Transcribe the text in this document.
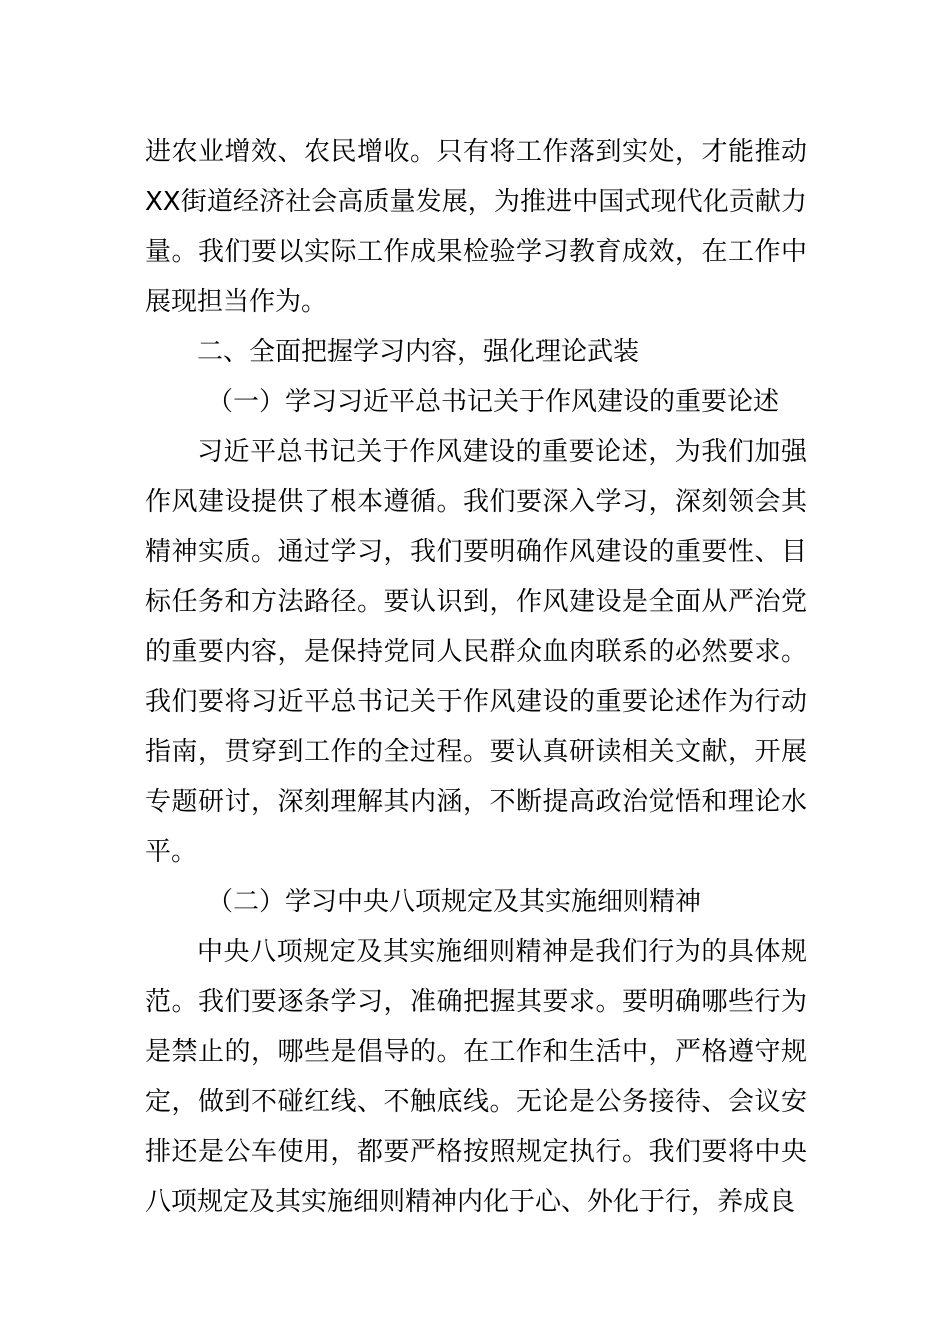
进农业增效、农民增收。只有将工作落到实处，才能推动XX街道经济社会高质量发展，为推进中国式现代化贡献力量。我们要以实际工作成果检验学习教育成效，在工作中展现担当作为。

二、全面把握学习内容，强化理论武装

（一）学习习近平总书记关于作风建设的重要论述

习近平总书记关于作风建设的重要论述，为我们加强作风建设提供了根本遵循。我们要深入学习，深刻领会其精神实质。通过学习，我们要明确作风建设的重要性、目标任务和方法路径。要认识到，作风建设是全面从严治党的重要内容，是保持党同人民群众血肉联系的必然要求。我们要将习近平总书记关于作风建设的重要论述作为行动指南，贯穿到工作的全过程。要认真研读相关文献，开展专题研讨，深刻理解其内涵，不断提高政治觉悟和理论水平。

（二）学习中央八项规定及其实施细则精神

中央八项规定及其实施细则精神是我们行为的具体规范。我们要逐条学习，准确把握其要求。要明确哪些行为是禁止的，哪些是倡导的。在工作和生活中，严格遵守规定，做到不碰红线、不触底线。无论是公务接待、会议安排还是公车使用，都要严格按照规定执行。我们要将中央八项规定及其实施细则精神内化于心、外化于行，养成良
